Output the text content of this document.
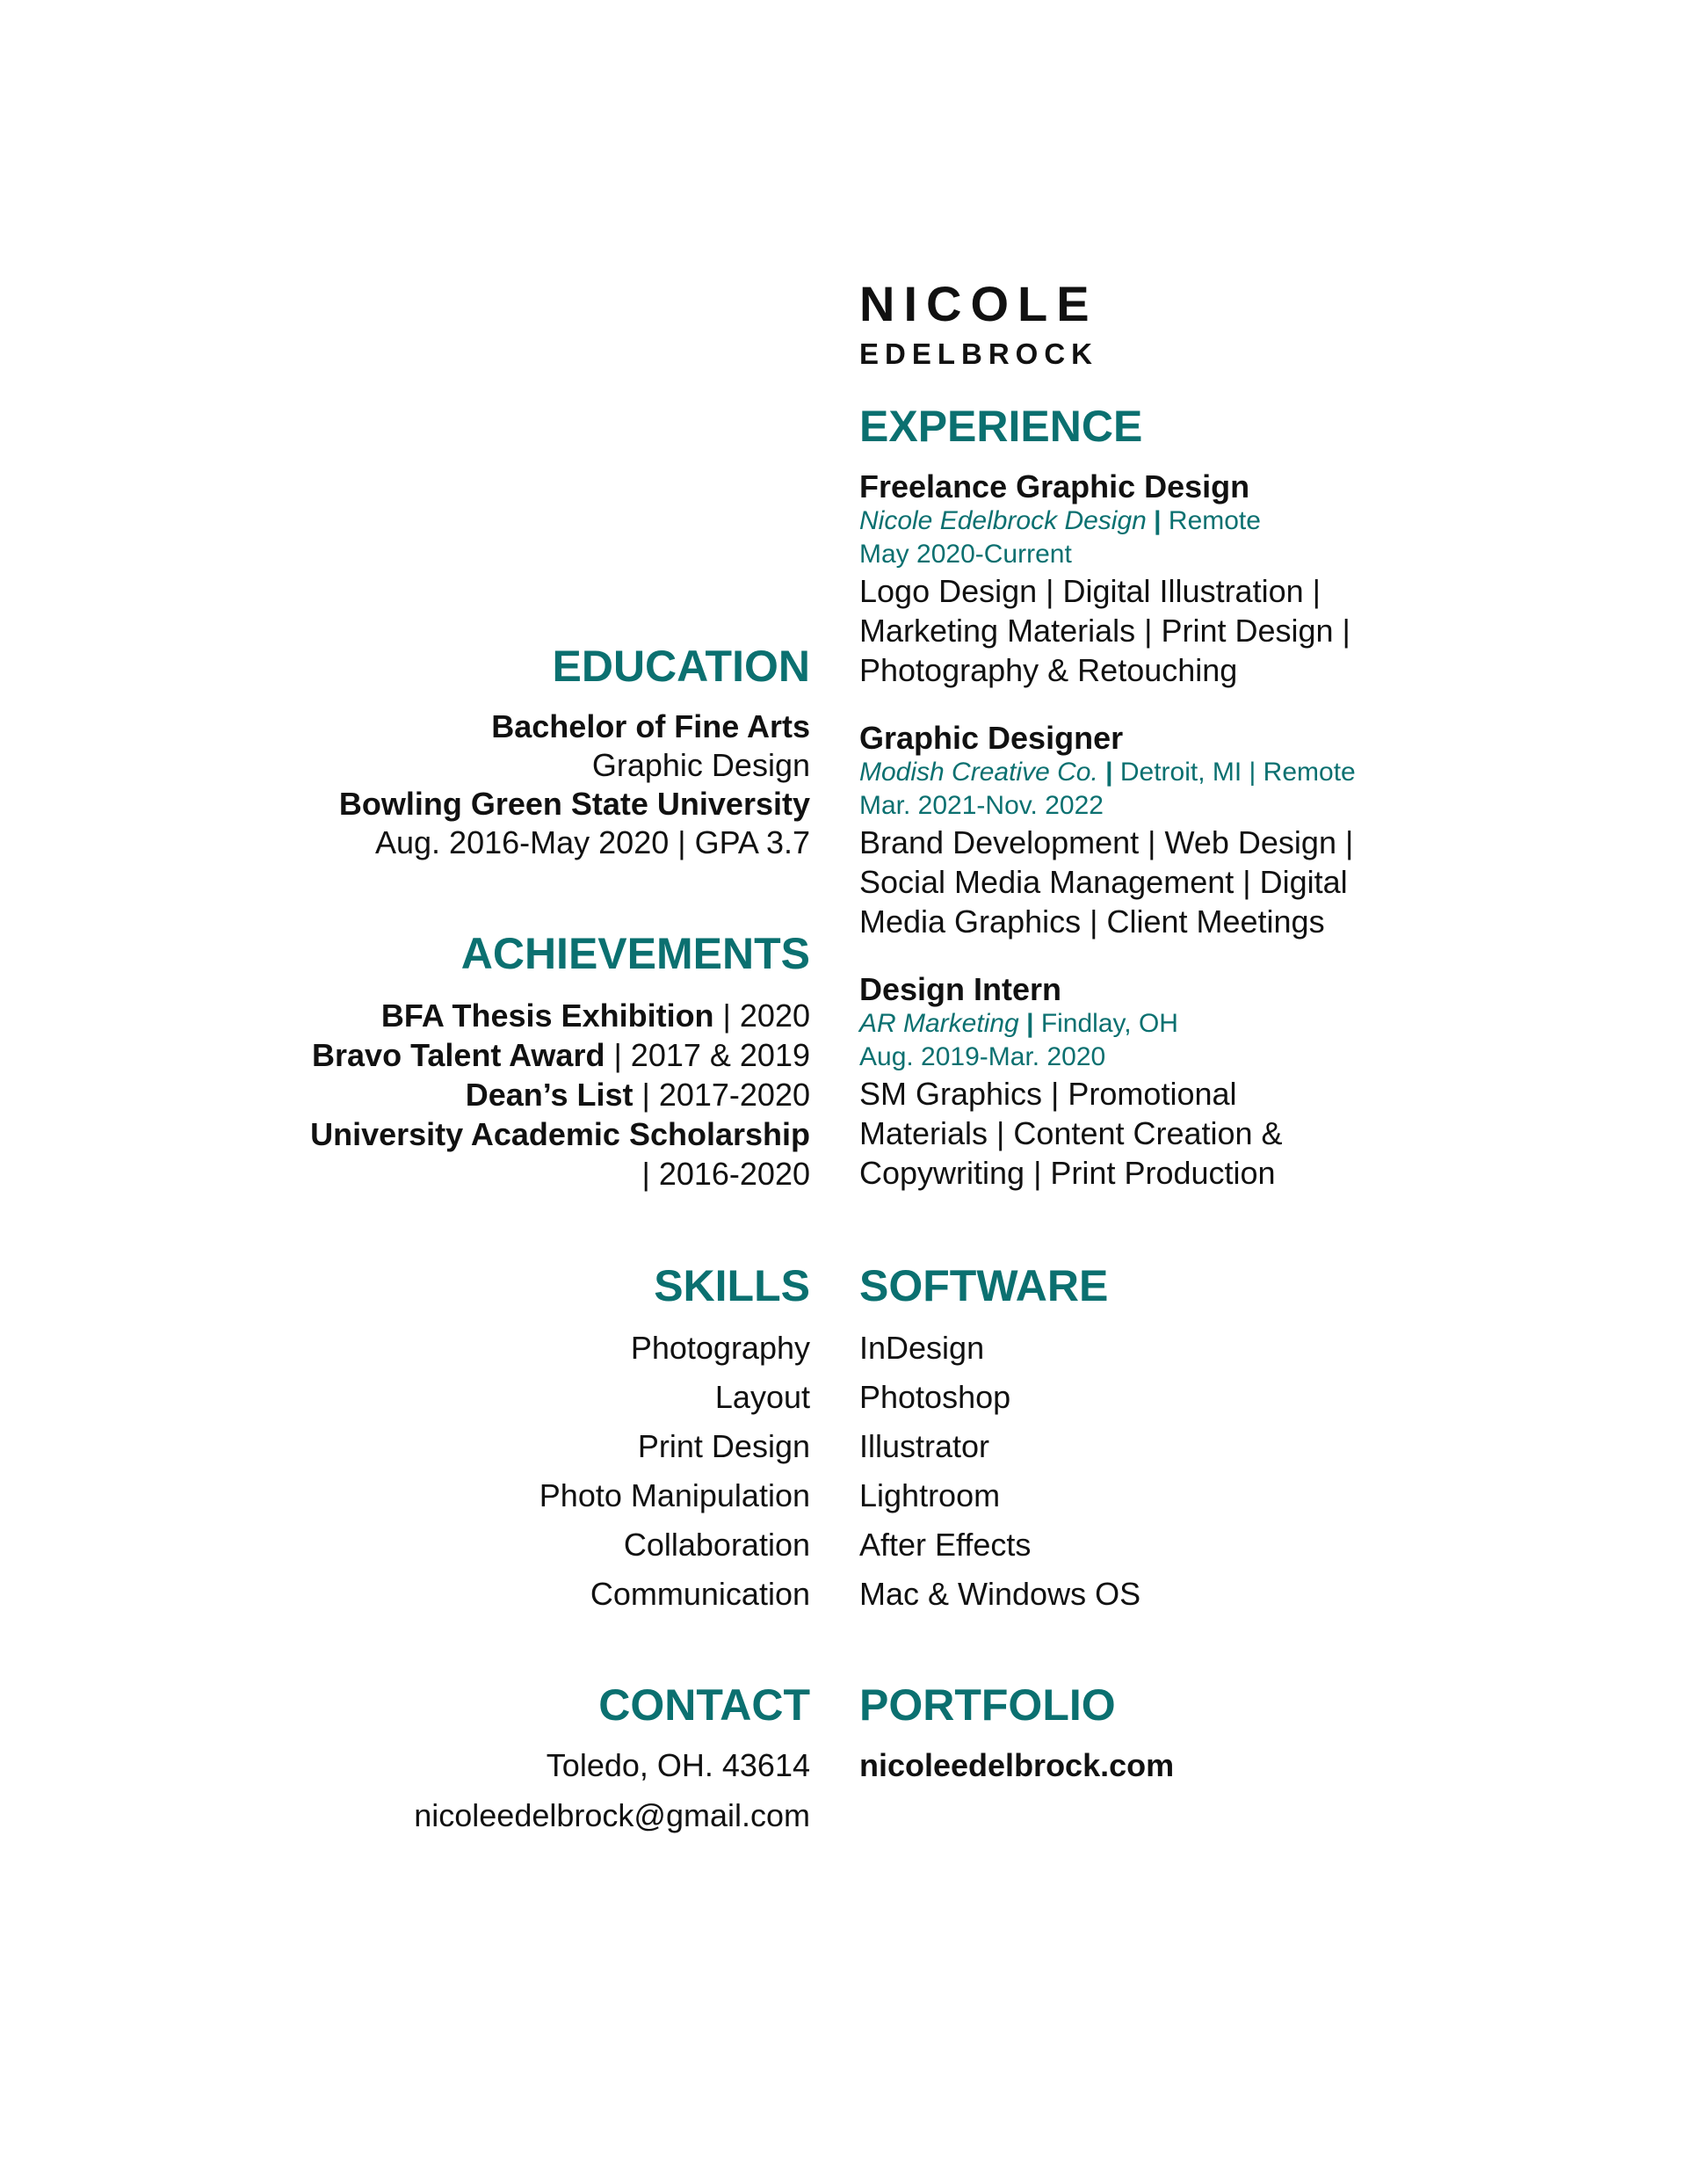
NICOLE
EDELBROCK
EXPERIENCE
Freelance Graphic Design
Nicole Edelbrock Design | Remote
May 2020-Current
Logo Design | Digital Illustration |
Marketing Materials | Print Design |
Photography & Retouching
Graphic Designer
Modish Creative Co. | Detroit, MI | Remote
Mar. 2021-Nov. 2022
Brand Development | Web Design |
Social Media Management | Digital
Media Graphics | Client Meetings
Design Intern
AR Marketing | Findlay, OH
Aug. 2019-Mar. 2020
SM Graphics | Promotional
Materials | Content Creation &
Copywriting | Print Production
EDUCATION
Bachelor of Fine Arts
Graphic Design
Bowling Green State University
Aug. 2016-May 2020 | GPA 3.7
ACHIEVEMENTS
BFA Thesis Exhibition | 2020
Bravo Talent Award | 2017 & 2019
Dean’s List | 2017-2020
University Academic Scholarship
| 2016-2020
SKILLS SOFTWARE
Photography
Layout
Print Design
Photo Manipulation
Collaboration
Communication
InDesign
Photoshop
Illustrator
Lightroom
After Effects
Mac & Windows OS
CONTACT PORTFOLIO
Toledo, OH. 43614
nicoleedelbrock@gmail.com
nicoleedelbrock.com
